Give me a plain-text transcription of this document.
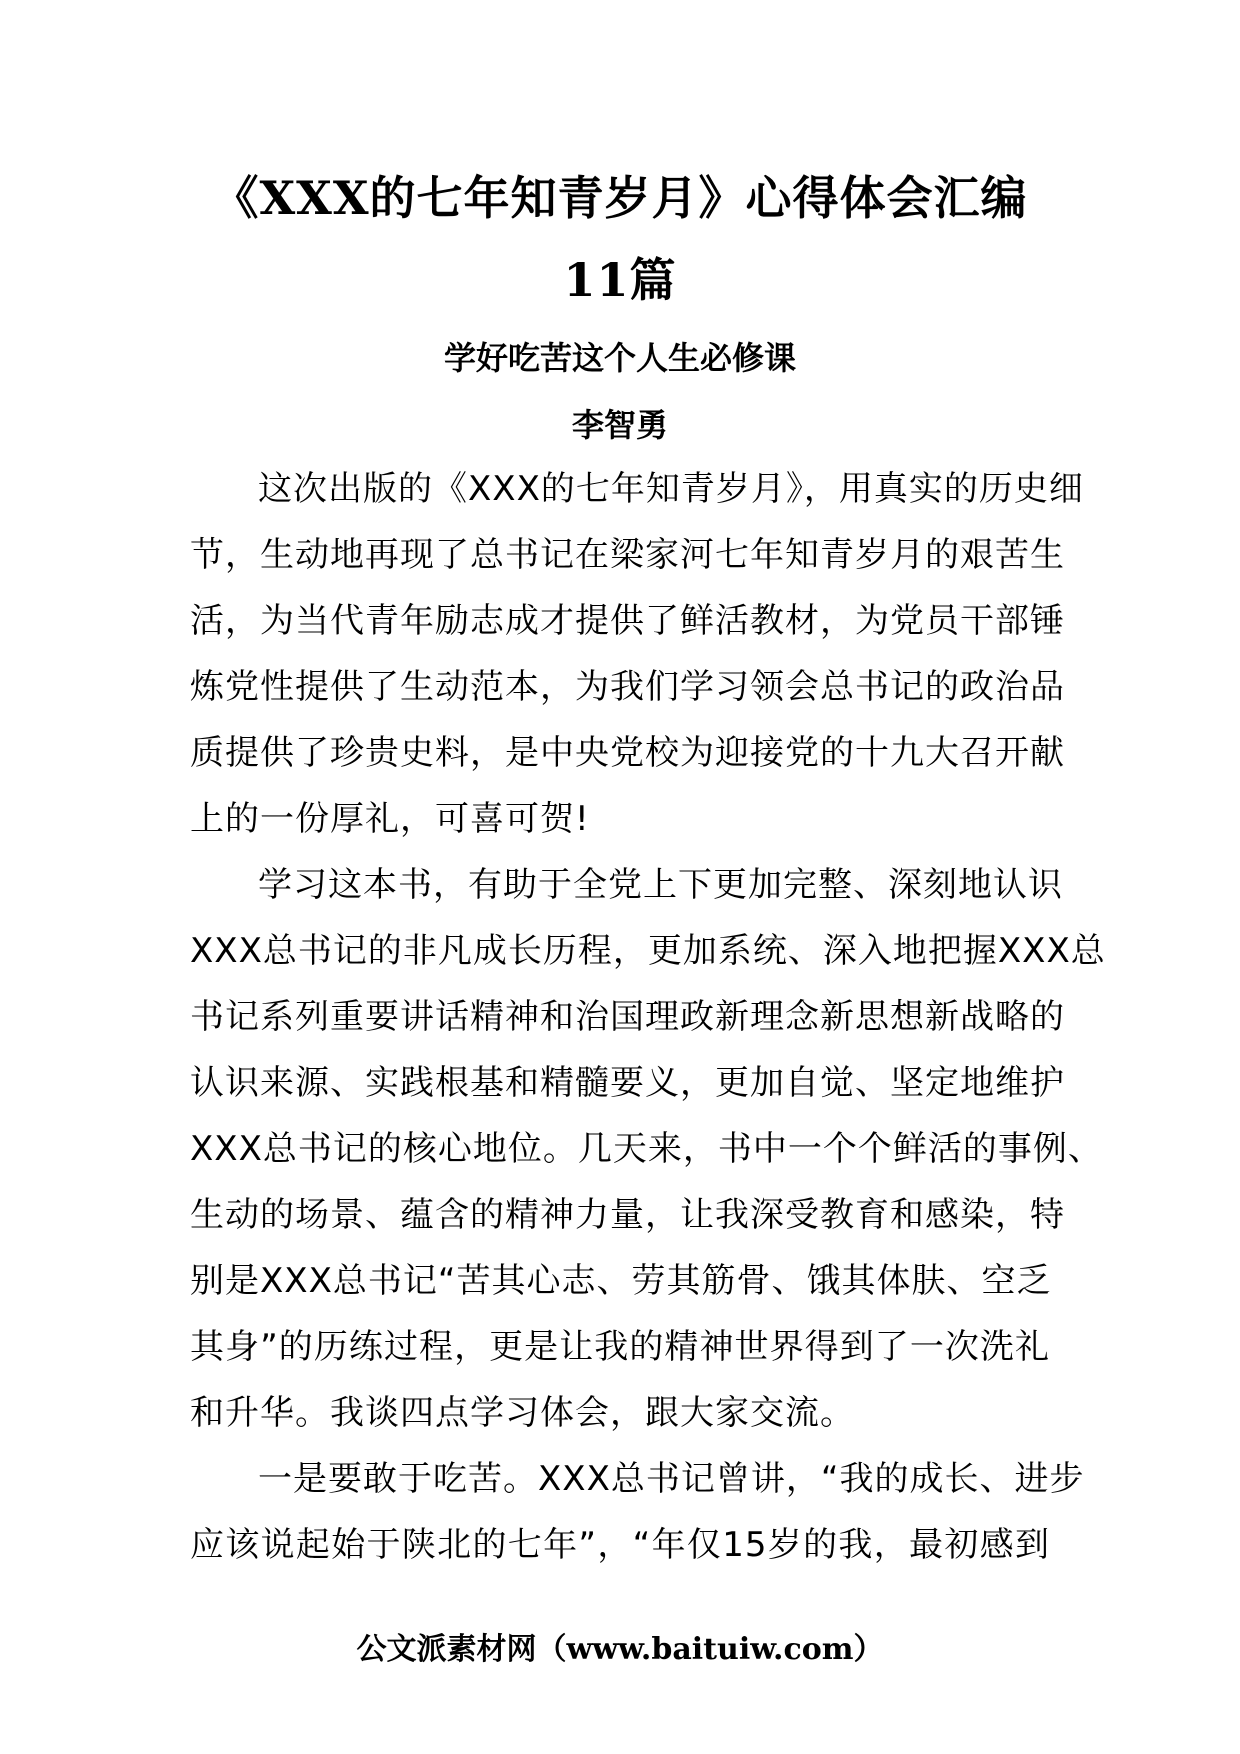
《XXX的七年知青岁月》心得体会汇编
11篇
学好吃苦这个人生必修课
李智勇
这次出版的《XXX的七年知青岁月》，用真实的历史细
节，生动地再现了总书记在梁家河七年知青岁月的艰苦生
活，为当代青年励志成才提供了鲜活教材，为党员干部锤
炼党性提供了生动范本，为我们学习领会总书记的政治品
质提供了珍贵史料，是中央党校为迎接党的十九大召开献
上的一份厚礼，可喜可贺!
学习这本书，有助于全党上下更加完整、深刻地认识
XXX总书记的非凡成长历程，更加系统、深入地把握XXX总
书记系列重要讲话精神和治国理政新理念新思想新战略的
认识来源、实践根基和精髓要义，更加自觉、坚定地维护
XXX总书记的核心地位。几天来，书中一个个鲜活的事例、
生动的场景、蕴含的精神力量，让我深受教育和感染，特
别是XXX总书记“苦其心志、劳其筋骨、饿其体肤、空乏
其身”的历练过程，更是让我的精神世界得到了一次洗礼
和升华。我谈四点学习体会，跟大家交流。
一是要敢于吃苦。XXX总书记曾讲，“我的成长、进步
应该说起始于陕北的七年”，“年仅15岁的我，最初感到
公文派素材网（www.baituiw.com）
